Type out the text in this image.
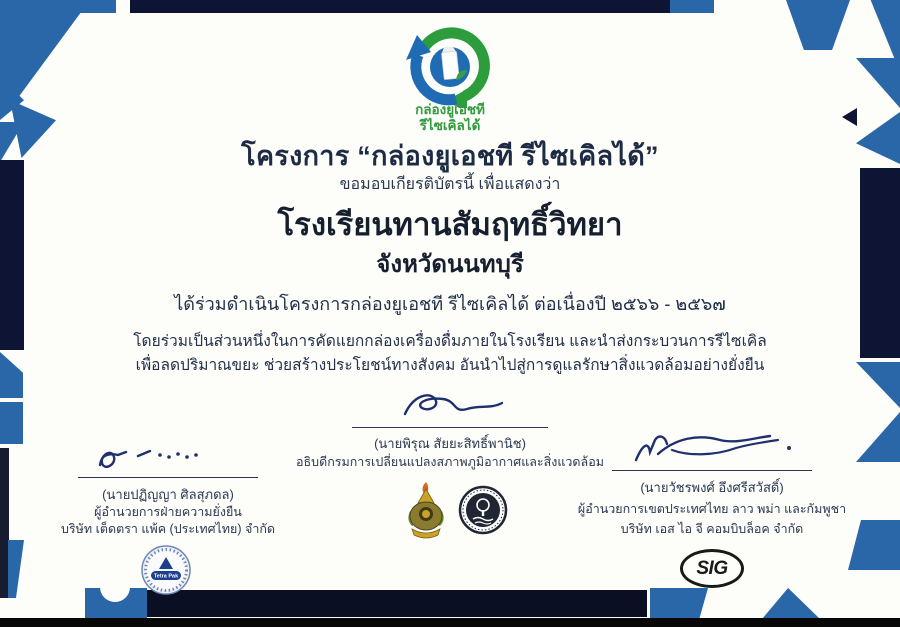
กล่องยูเอชที
รีไซเคิลได้
โครงการ “กล่องยูเอชที รีไซเคิลได้”
ขอมอบเกียรติบัตรนี้ เพื่อแสดงว่า
โรงเรียนทานสัมฤทธิ์วิทยา
จังหวัดนนทบุรี
ได้ร่วมดำเนินโครงการกล่องยูเอชที รีไซเคิลได้ ต่อเนื่องปี ๒๕๖๖ - ๒๕๖๗
โดยร่วมเป็นส่วนหนึ่งในการคัดแยกกล่องเครื่องดื่มภายในโรงเรียน และนำส่งกระบวนการรีไซเคิล
เพื่อลดปริมาณขยะ ช่วยสร้างประโยชน์ทางสังคม อันนำไปสู่การดูแลรักษาสิ่งแวดล้อมอย่างยั่งยืน
(นายพิรุณ สัยยะสิทธิ์พานิช)
อธิบดีกรมการเปลี่ยนแปลงสภาพภูมิอากาศและสิ่งแวดล้อม
(นายปฏิญญา ศิลสุภดล)
ผู้อำนวยการฝ่ายความยั่งยืน
บริษัท เต็ดตรา แพ้ค (ประเทศไทย) จำกัด
Tetra Pak
(นายวัชรพงศ์ อึงศรีสวัสดิ์)
ผู้อำนวยการเขตประเทศไทย ลาว พม่า และกัมพูชา
บริษัท เอส ไอ จี คอมบิบล็อค จำกัด
SIG
